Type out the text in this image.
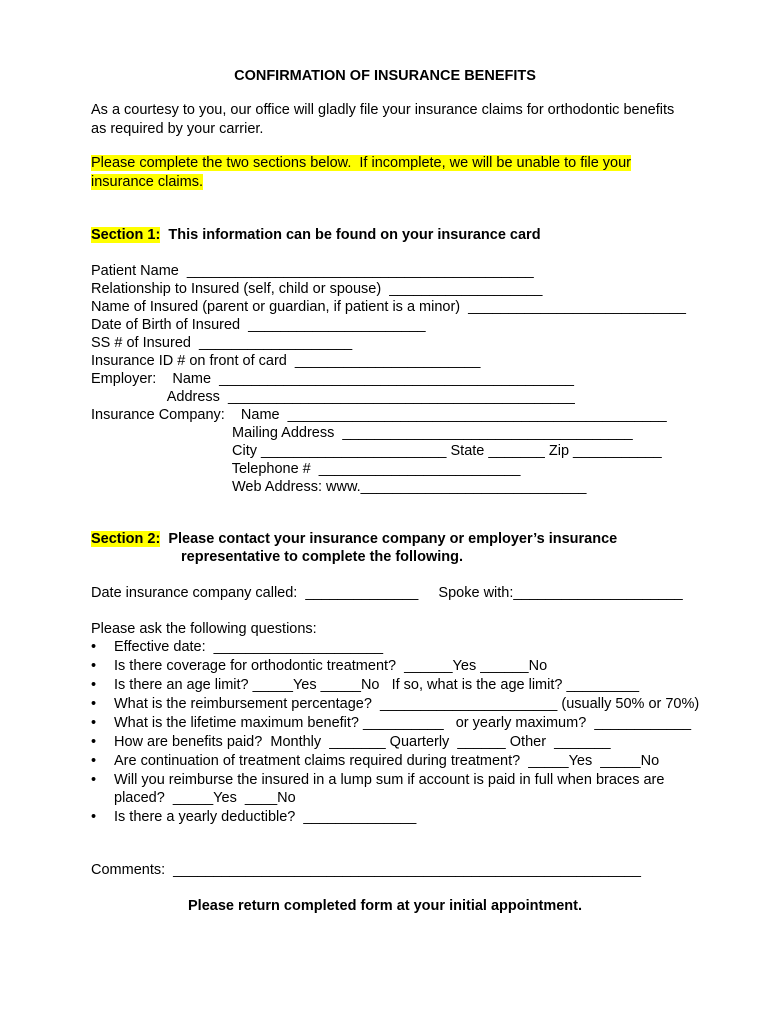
CONFIRMATION OF INSURANCE BENEFITS
As a courtesy to you, our office will gladly file your insurance claims for orthodontic benefits
as required by your carrier.
Please complete the two sections below.  If incomplete, we will be unable to file your
insurance claims.
Section 1:  This information can be found on your insurance card
Patient Name  ___________________________________________
Relationship to Insured (self, child or spouse)  ___________________
Name of Insured (parent or guardian, if patient is a minor)  ___________________________
Date of Birth of Insured  ______________________
SS # of Insured  ___________________
Insurance ID # on front of card  _______________________
Employer:    Name  ____________________________________________
Address  ___________________________________________
Insurance Company:    Name  _______________________________________________
Mailing Address  ____________________________________
City _______________________ State _______ Zip ___________
Telephone #  _________________________
Web Address: www.____________________________
Section 2:  Please contact your insurance company or employer’s insurance
representative to complete the following.
Date insurance company called:  ______________     Spoke with:_____________________
Please ask the following questions:
• Effective date:  _____________________
• Is there coverage for orthodontic treatment?  ______Yes ______No
• Is there an age limit? _____Yes _____No   If so, what is the age limit? _________
• What is the reimbursement percentage?  ______________________ (usually 50% or 70%)
• What is the lifetime maximum benefit? __________   or yearly maximum?  ____________
• How are benefits paid?  Monthly  _______ Quarterly  ______ Other  _______
• Are continuation of treatment claims required during treatment?  _____Yes  _____No
• Will you reimburse the insured in a lump sum if account is paid in full when braces are
placed?  _____Yes  ____No
• Is there a yearly deductible?  ______________
Comments:  __________________________________________________________
Please return completed form at your initial appointment.
